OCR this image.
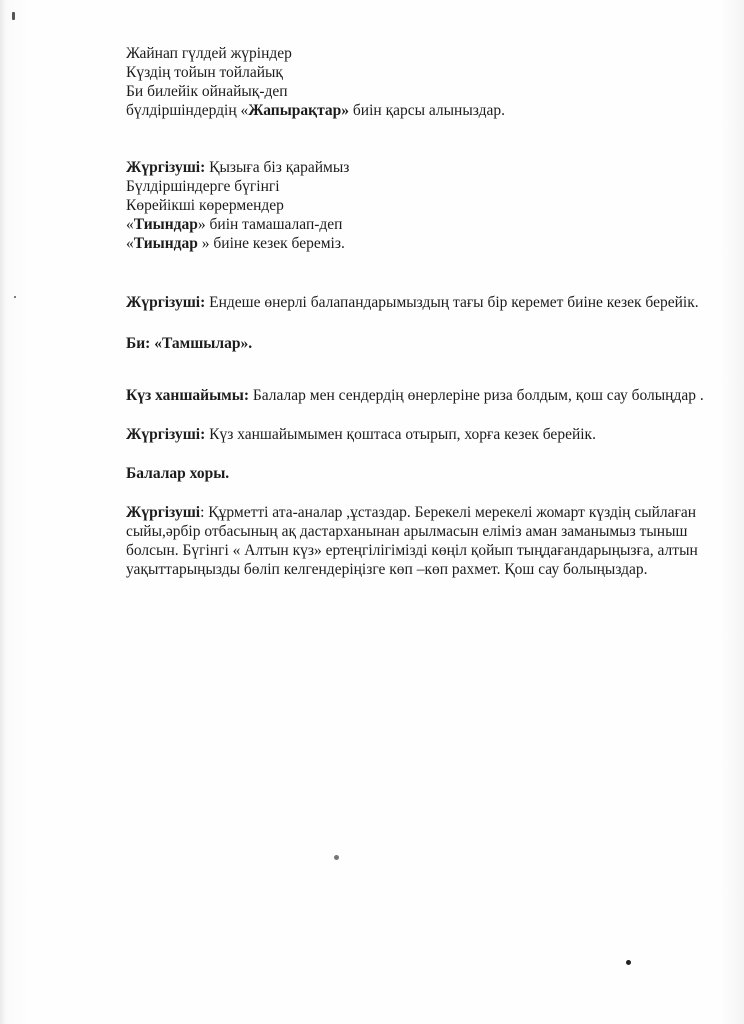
Жайнап гүлдей жүріндер
Күздің тойын тойлайық
Би билейік ойнайық-деп
бүлдіршіндердің «Жапырақтар» биін қарсы алыныздар.
Жүргізуші: Қызыға біз қараймыз
Бүлдіршіндерге бүгінгі
Көрейікші көрермендер
«Тиындар» биін тамашалап-деп
«Тиындар » биіне кезек береміз.

Жүргізуші: Ендеше өнерлі балапандарымыздың тағы бір керемет биіне кезек берейік.

Би: «Тамшылар».

Күз ханшайымы: Балалар мен сендердің өнерлеріне риза болдым, қош сау болыңдар .

Жүргізуші: Күз ханшайымымен қоштаса отырып, хорға кезек берейік.

Балалар хоры.

Жүргізуші: Құрметті ата-аналар ,ұстаздар. Берекелі мерекелі жомарт күздің сыйлаған сыйы,әрбір отбасының ақ дастарханынан арылмасын еліміз аман заманымыз тыныш болсын. Бүгінгі « Алтын күз» ертеңгілігімізді көңіл қойып тыңдағандарыңызға, алтын уақыттарыңызды бөліп келгендеріңізге көп –көп рахмет. Қош сау болыңыздар.
